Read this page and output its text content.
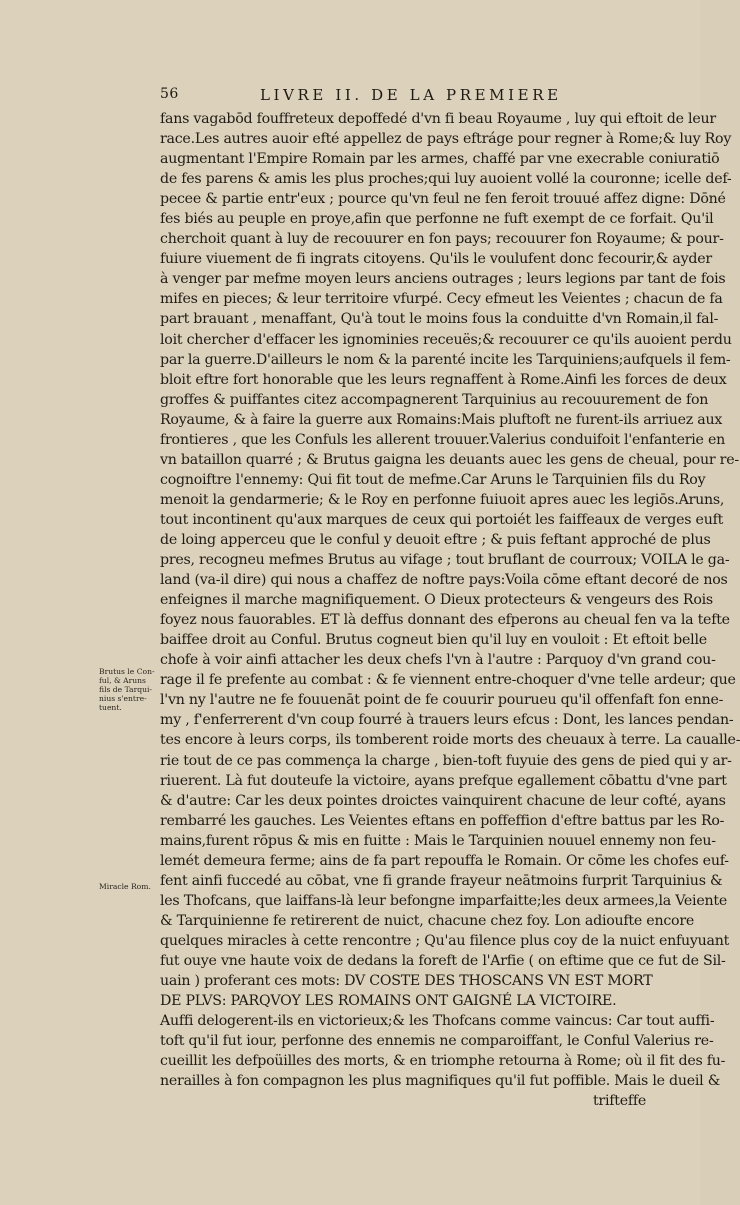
56	LIVRE II. DE LA PREMIERE
fans vagabōd fouffreteux depoffedé d'vn fi beau Royaume , luy qui eftoit de leur
race.Les autres auoir efté appellez de pays eftráge pour regner à Rome;& luy Roy
augmentant l'Empire Romain par les armes, chaffé par vne execrable coniuratiō
de fes parens & amis les plus proches;qui luy auoient vollé la couronne; icelle def-
pecee & partie entr'eux ; pource qu'vn feul ne fen feroit trouué affez digne: Dōné
fes biés au peuple en proye,afin que perfonne ne fuft exempt de ce forfait. Qu'il
cherchoit quant à luy de recouurer en fon pays; recouurer fon Royaume; & pour-
fuiure viuement de fi ingrats citoyens. Qu'ils le voulufent donc fecourir,& ayder
à venger par mefme moyen leurs anciens outrages ; leurs legions par tant de fois
mifes en pieces; & leur territoire vfurpé. Cecy efmeut les Veientes ; chacun de fa
part brauant , menaffant, Qu'à tout le moins fous la conduitte d'vn Romain,il fal-
loit chercher d'effacer les ignominies receuës;& recouurer ce qu'ils auoient perdu
par la guerre.D'ailleurs le nom & la parenté incite les Tarquiniens;aufquels il fem-
bloit eftre fort honorable que les leurs regnaffent à Rome.Ainfi les forces de deux
groffes & puiffantes citez accompagnerent Tarquinius au recouurement de fon
Royaume, & à faire la guerre aux Romains:Mais pluftoft ne furent-ils arriuez aux
frontieres , que les Confuls les allerent trouuer.Valerius conduifoit l'enfanterie en
vn bataillon quarré ; & Brutus gaigna les deuants auec les gens de cheual, pour re-
cognoiftre l'ennemy: Qui fit tout de mefme.Car Aruns le Tarquinien fils du Roy
menoit la gendarmerie; & le Roy en perfonne fuiuoit apres auec les legiōs.Aruns,
tout incontinent qu'aux marques de ceux qui portoiét les faiffeaux de verges euft
de loing apperceu que le conful y deuoit eftre ; & puis feftant approché de plus
pres, recogneu mefmes Brutus au vifage ; tout bruflant de courroux; VOILA le ga-
land (va-il dire) qui nous a chaffez de noftre pays:Voila cōme eftant decoré de nos
enfeignes il marche magnifiquement. O Dieux protecteurs & vengeurs des Rois
foyez nous fauorables. ET là deffus donnant des efperons au cheual fen va la tefte
baiffee droit au Conful. Brutus cogneut bien qu'il luy en vouloit : Et eftoit belle
chofe à voir ainfi attacher les deux chefs l'vn à l'autre : Parquoy d'vn grand cou-
rage il fe prefente au combat : & fe viennent entre-choquer d'vne telle ardeur; que
l'vn ny l'autre ne fe fouuenāt point de fe couurir pourueu qu'il offenfaft fon enne-
my , f'enferrerent d'vn coup fourré à trauers leurs efcus : Dont, les lances pendan-
tes encore à leurs corps, ils tomberent roide morts des cheuaux à terre. La caualle-
rie tout de ce pas commença la charge , bien-toft fuyuie des gens de pied qui y ar-
riuerent. Là fut douteufe la victoire, ayans prefque egallement cōbattu d'vne part
& d'autre: Car les deux pointes droictes vainquirent chacune de leur cofté, ayans
rembarré les gauches. Les Veientes eftans en poffeffion d'eftre battus par les Ro-
mains,furent rōpus & mis en fuitte : Mais le Tarquinien nouuel ennemy non feu-
lemét demeura ferme; ains de fa part repouffa le Romain. Or cōme les chofes euf-
fent ainfi fuccedé au cōbat, vne fi grande frayeur neātmoins furprit Tarquinius &
les Thofcans, que laiffans-là leur befongne imparfaitte;les deux armees,la Veiente
& Tarquinienne fe retirerent de nuict, chacune chez foy. Lon adioufte encore
quelques miracles à cette rencontre ; Qu'au filence plus coy de la nuict enfuyuant
fut ouye vne haute voix de dedans la foreft de l'Arfie ( on eftime que ce fut de Sil-
uain ) proferant ces mots: DV COSTE DES THOSCANS VN EST MORT
DE PLVS: PARQVOY LES ROMAINS ONT GAIGNÉ LA VICTOIRE.
Auffi delogerent-ils en victorieux;& les Thofcans comme vaincus: Car tout auffi-
toft qu'il fut iour, perfonne des ennemis ne comparoiffant, le Conful Valerius re-
cueillit les defpoüilles des morts, & en triomphe retourna à Rome; où il fit des fu-
nerailles à fon compagnon les plus magnifiques qu'il fut poffible. Mais le dueil &
trifteffe
Brutus le Con-
ful, & Aruns
fils de Tarqui-
nius s'entre-
tuent.
Miracle Rom.
